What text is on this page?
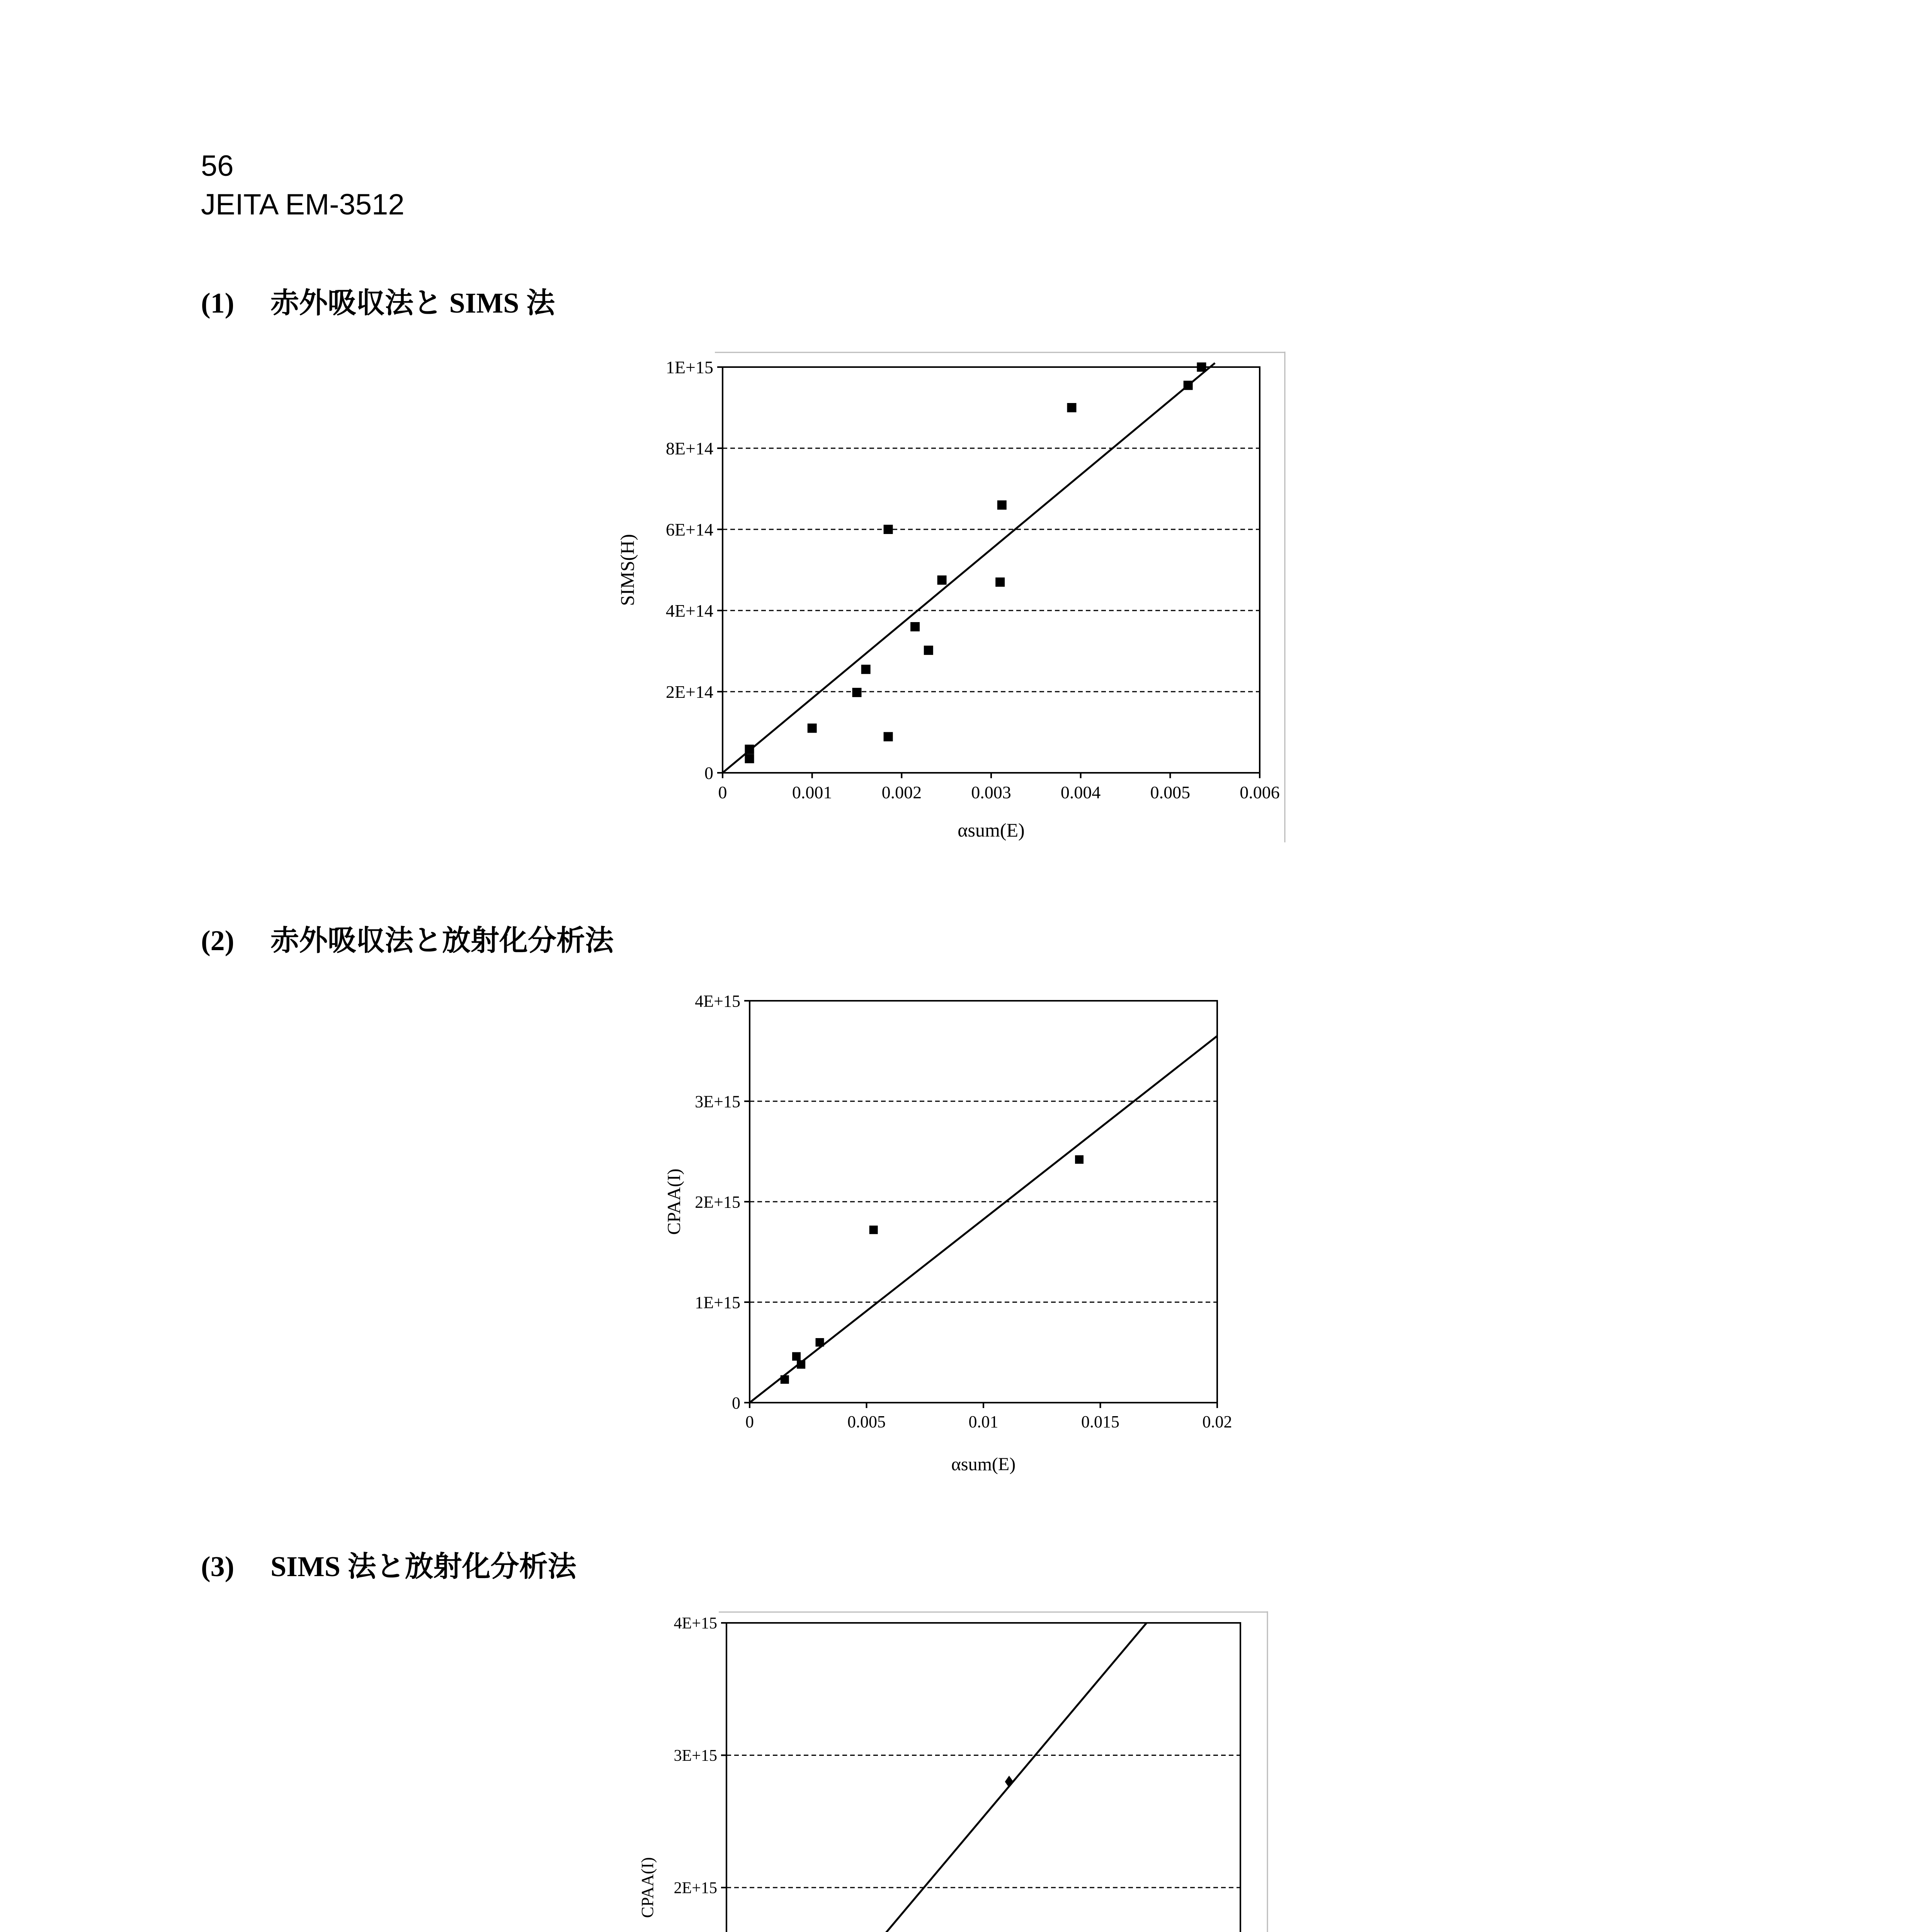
56
JEITA EM-3512
(1) 赤外吸収法と SIMS 法
(2) 赤外吸収法と放射化分析法
(3) SIMS 法と放射化分析法
0
2E+14
4E+14
6E+14
8E+14
1E+15
0	0.001	0.002	0.003	0.004	0.005	0.006
αsum(E)
SIMS(H)
0
1E+15
2E+15
3E+15
4E+15
0	0.005	0.01	0.015	0.02
αsum(E)
CPAA(I)
2E+15
3E+15
4E+15
CPAA(I)
